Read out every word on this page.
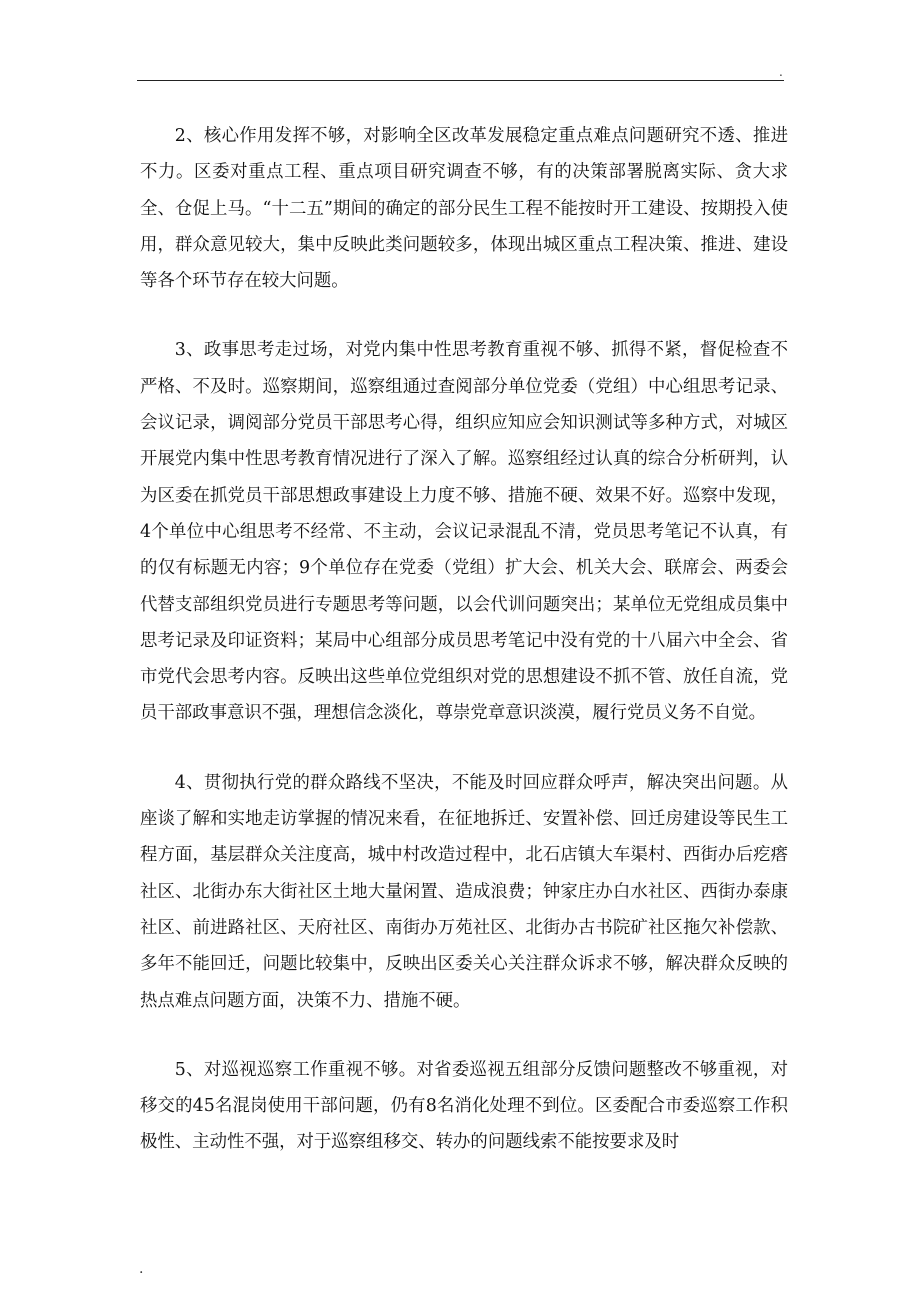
.

2、核心作用发挥不够，对影响全区改革发展稳定重点难点问题研究不透、推进不力。区委对重点工程、重点项目研究调查不够，有的决策部署脱离实际、贪大求全、仓促上马。“十二五”期间的确定的部分民生工程不能按时开工建设、按期投入使用，群众意见较大，集中反映此类问题较多，体现出城区重点工程决策、推进、建设等各个环节存在较大问题。

3、政事思考走过场，对党内集中性思考教育重视不够、抓得不紧，督促检查不严格、不及时。巡察期间，巡察组通过查阅部分单位党委（党组）中心组思考记录、会议记录，调阅部分党员干部思考心得，组织应知应会知识测试等多种方式，对城区开展党内集中性思考教育情况进行了深入了解。巡察组经过认真的综合分析研判，认为区委在抓党员干部思想政事建设上力度不够、措施不硬、效果不好。巡察中发现，4个单位中心组思考不经常、不主动，会议记录混乱不清，党员思考笔记不认真，有的仅有标题无内容；9个单位存在党委（党组）扩大会、机关大会、联席会、两委会代替支部组织党员进行专题思考等问题，以会代训问题突出；某单位无党组成员集中思考记录及印证资料；某局中心组部分成员思考笔记中没有党的十八届六中全会、省市党代会思考内容。反映出这些单位党组织对党的思想建设不抓不管、放任自流，党员干部政事意识不强，理想信念淡化，尊崇党章意识淡漠，履行党员义务不自觉。

4、贯彻执行党的群众路线不坚决，不能及时回应群众呼声，解决突出问题。从座谈了解和实地走访掌握的情况来看，在征地拆迁、安置补偿、回迁房建设等民生工程方面，基层群众关注度高，城中村改造过程中，北石店镇大车渠村、西街办后疙瘩社区、北街办东大街社区土地大量闲置、造成浪费；钟家庄办白水社区、西街办泰康社区、前进路社区、天府社区、南街办万苑社区、北街办古书院矿社区拖欠补偿款、多年不能回迁，问题比较集中，反映出区委关心关注群众诉求不够，解决群众反映的热点难点问题方面，决策不力、措施不硬。

5、对巡视巡察工作重视不够。对省委巡视五组部分反馈问题整改不够重视，对移交的45名混岗使用干部问题，仍有8名消化处理不到位。区委配合市委巡察工作积极性、主动性不强，对于巡察组移交、转办的问题线索不能按要求及时

.
